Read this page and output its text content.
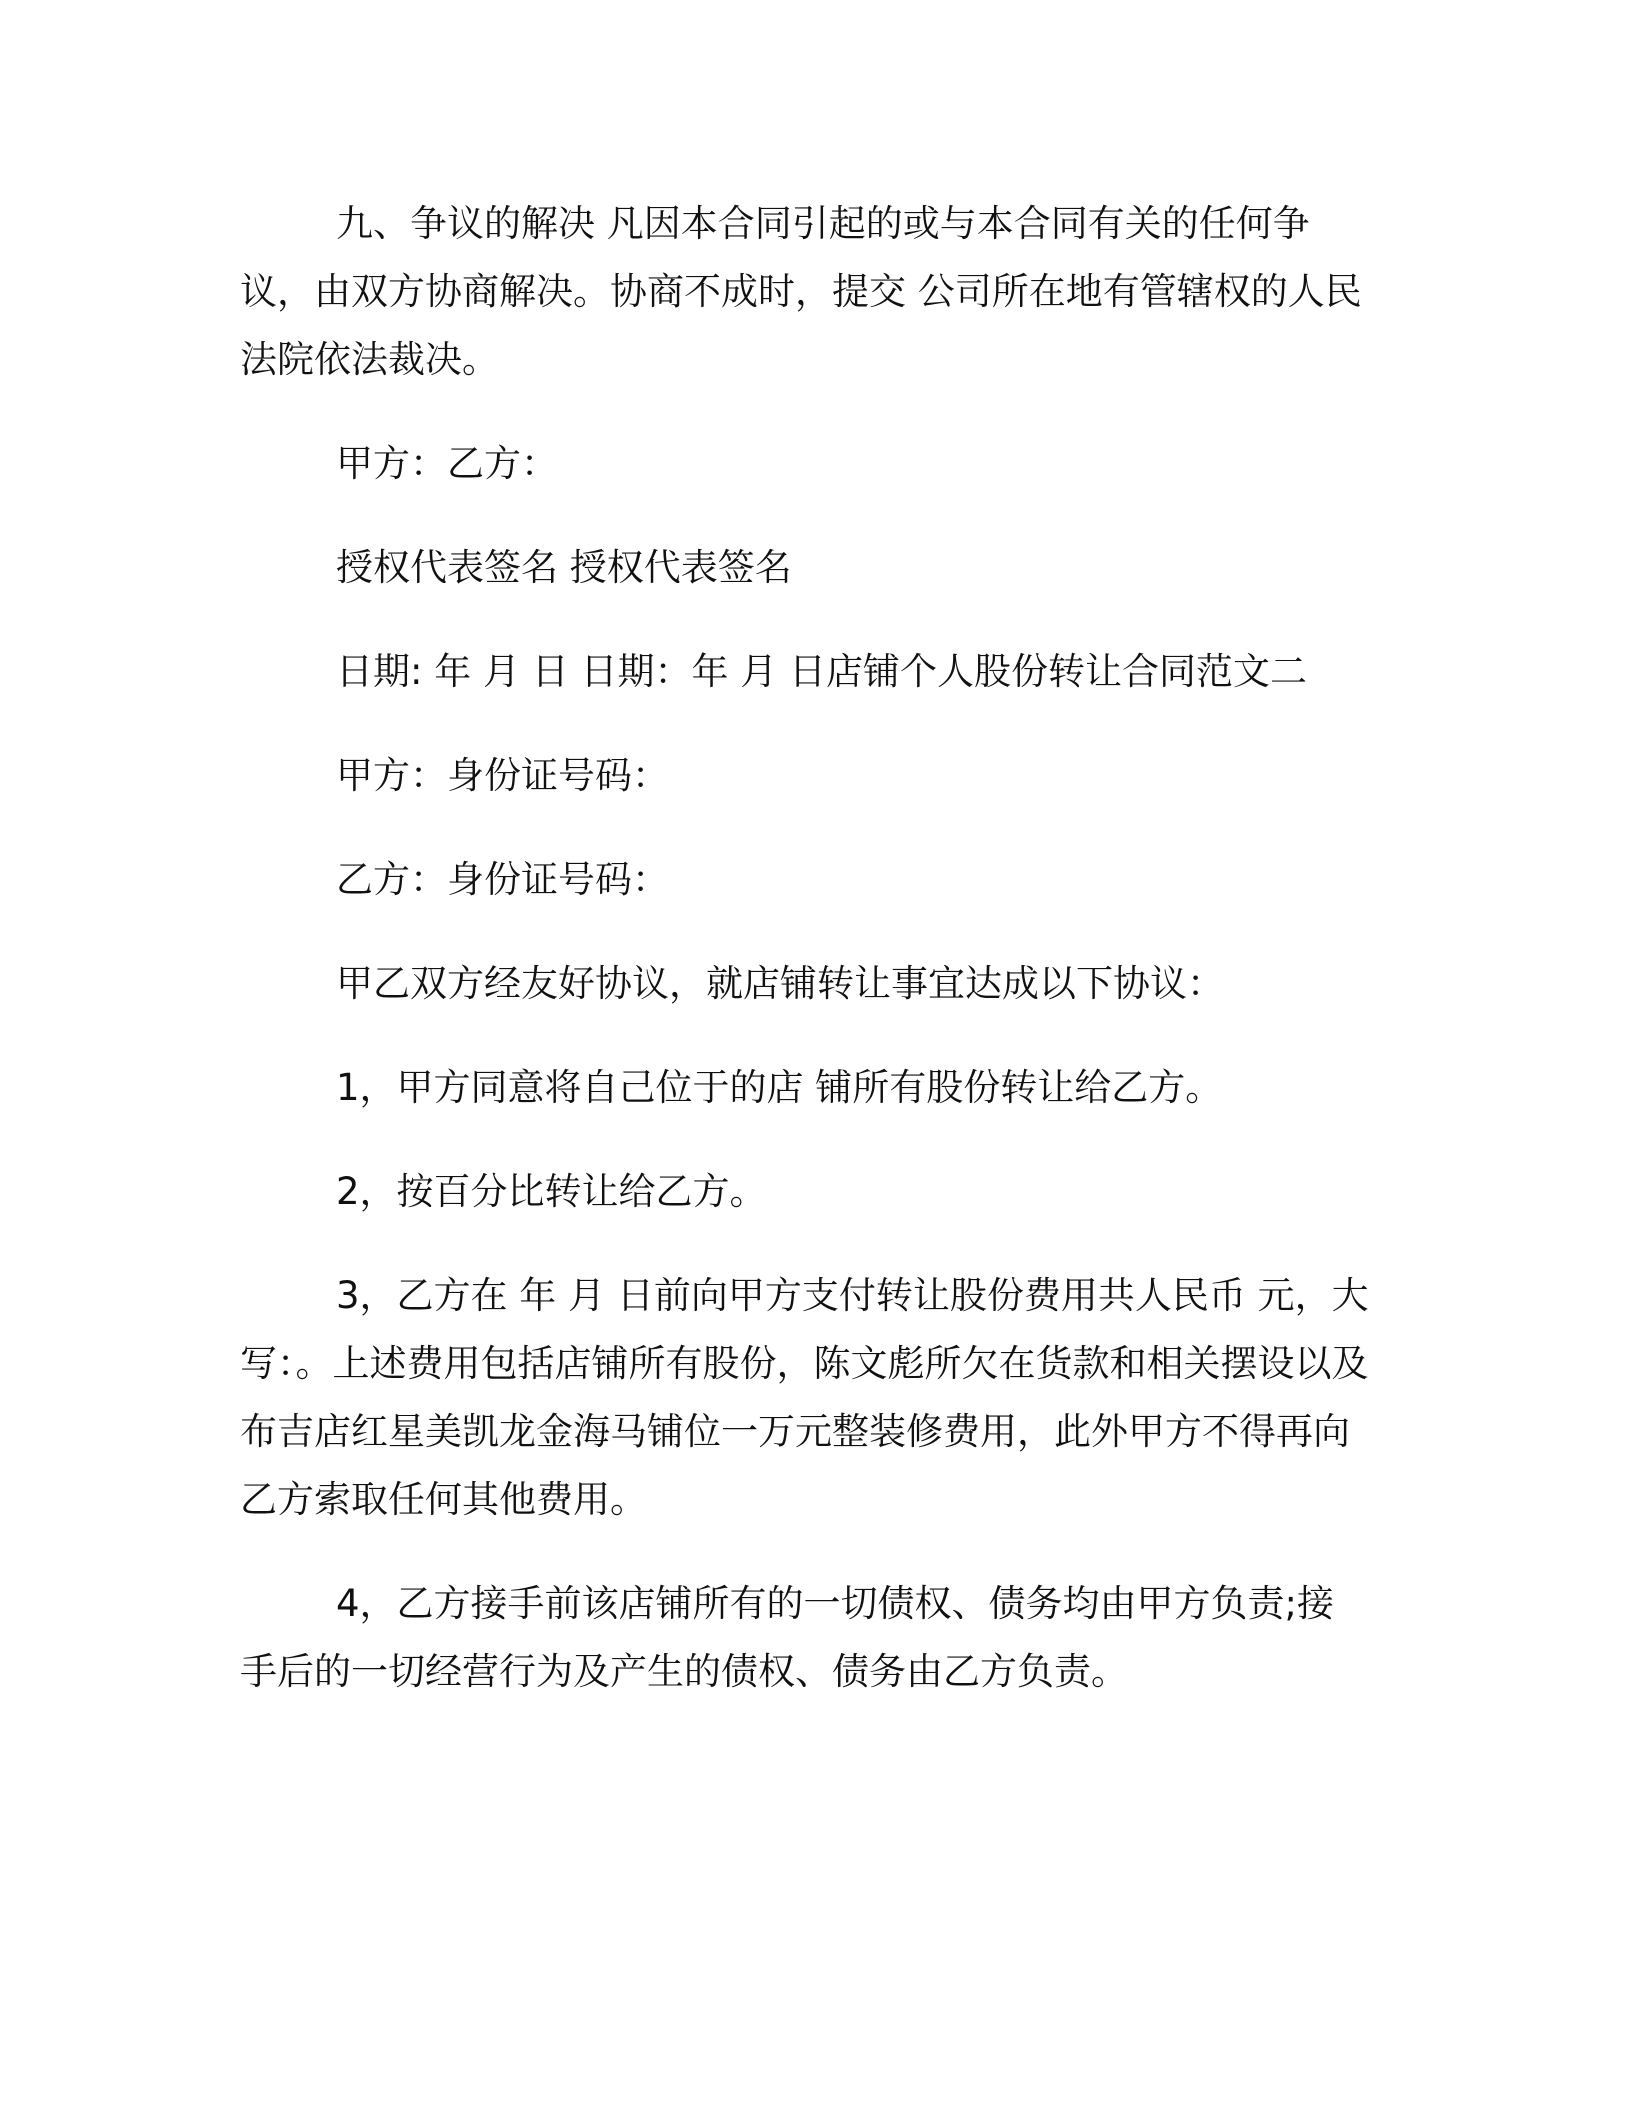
九、争议的解决 凡因本合同引起的或与本合同有关的任何争议，由双方协商解决。协商不成时，提交 公司所在地有管辖权的人民法院依法裁决。

甲方：乙方：

授权代表签名 授权代表签名

日期: 年 月 日 日期：年 月 日店铺个人股份转让合同范文二

甲方：身份证号码：

乙方：身份证号码：

甲乙双方经友好协议，就店铺转让事宜达成以下协议：

1，甲方同意将自己位于的店 铺所有股份转让给乙方。

2，按百分比转让给乙方。

3，乙方在 年 月 日前向甲方支付转让股份费用共人民币 元，大写：。上述费用包括店铺所有股份，陈文彪所欠在货款和相关摆设以及布吉店红星美凯龙金海马铺位一万元整装修费用，此外甲方不得再向乙方索取任何其他费用。

4，乙方接手前该店铺所有的一切债权、债务均由甲方负责;接手后的一切经营行为及产生的债权、债务由乙方负责。
